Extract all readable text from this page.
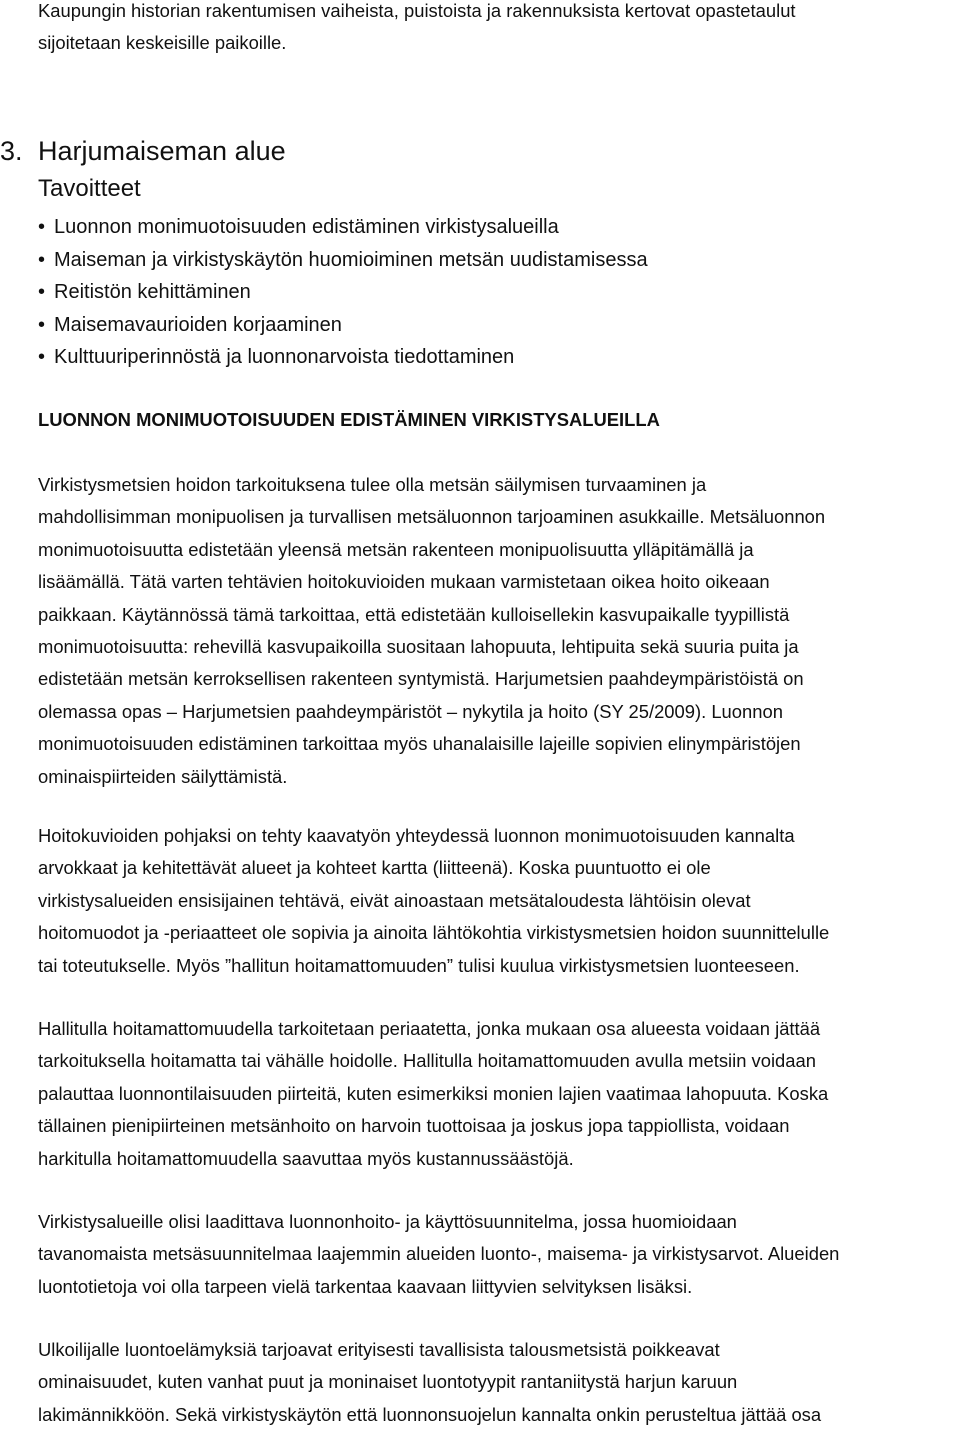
Kaupungin historian rakentumisen vaiheista, puistoista ja rakennuksista kertovat opastetaulut
sijoitetaan keskeisille paikoille.

3. Harjumaiseman alue
Tavoitteet
• Luonnon monimuotoisuuden edistäminen virkistysalueilla
• Maiseman ja virkistyskäytön huomioiminen metsän uudistamisessa
• Reitistön kehittäminen
• Maisemavaurioiden korjaaminen
• Kulttuuriperinnöstä ja luonnonarvoista tiedottaminen
LUONNON MONIMUOTOISUUDEN EDISTÄMINEN VIRKISTYSALUEILLA

Virkistysmetsien hoidon tarkoituksena tulee olla metsän säilymisen turvaaminen ja
mahdollisimman monipuolisen ja turvallisen metsäluonnon tarjoaminen asukkaille. Metsäluonnon
monimuotoisuutta edistetään yleensä metsän rakenteen monipuolisuutta ylläpitämällä ja
lisäämällä. Tätä varten tehtävien hoitokuvioiden mukaan varmistetaan oikea hoito oikeaan
paikkaan. Käytännössä tämä tarkoittaa, että edistetään kulloisellekin kasvupaikalle tyypillistä
monimuotoisuutta: rehevillä kasvupaikoilla suositaan lahopuuta, lehtipuita sekä suuria puita ja
edistetään metsän kerroksellisen rakenteen syntymistä. Harjumetsien paahdeympäristöistä on
olemassa opas – Harjumetsien paahdeympäristöt – nykytila ja hoito (SY 25/2009). Luonnon
monimuotoisuuden edistäminen tarkoittaa myös uhanalaisille lajeille sopivien elinympäristöjen
ominaispiirteiden säilyttämistä.

Hoitokuvioiden pohjaksi on tehty kaavatyön yhteydessä luonnon monimuotoisuuden kannalta
arvokkaat ja kehitettävät alueet ja kohteet kartta (liitteenä). Koska puuntuotto ei ole
virkistysalueiden ensisijainen tehtävä, eivät ainoastaan metsätaloudesta lähtöisin olevat
hoitomuodot ja -periaatteet ole sopivia ja ainoita lähtökohtia virkistysmetsien hoidon suunnittelulle
tai toteutukselle. Myös ”hallitun hoitamattomuuden” tulisi kuulua virkistysmetsien luonteeseen.

Hallitulla hoitamattomuudella tarkoitetaan periaatetta, jonka mukaan osa alueesta voidaan jättää
tarkoituksella hoitamatta tai vähälle hoidolle. Hallitulla hoitamattomuuden avulla metsiin voidaan
palauttaa luonnontilaisuuden piirteitä, kuten esimerkiksi monien lajien vaatimaa lahopuuta. Koska
tällainen pienipiirteinen metsänhoito on harvoin tuottoisaa ja joskus jopa tappiollista, voidaan
harkitulla hoitamattomuudella saavuttaa myös kustannussäästöjä.

Virkistysalueille olisi laadittava luonnonhoito- ja käyttösuunnitelma, jossa huomioidaan
tavanomaista metsäsuunnitelmaa laajemmin alueiden luonto-, maisema- ja virkistysarvot. Alueiden
luontotietoja voi olla tarpeen vielä tarkentaa kaavaan liittyvien selvityksen lisäksi.

Ulkoilijalle luontoelämyksiä tarjoavat erityisesti tavallisista talousmetsistä poikkeavat
ominaisuudet, kuten vanhat puut ja moninaiset luontotyypit rantaniitystä harjun karuun
lakimännikköön. Sekä virkistyskäytön että luonnonsuojelun kannalta onkin perusteltua jättää osa
